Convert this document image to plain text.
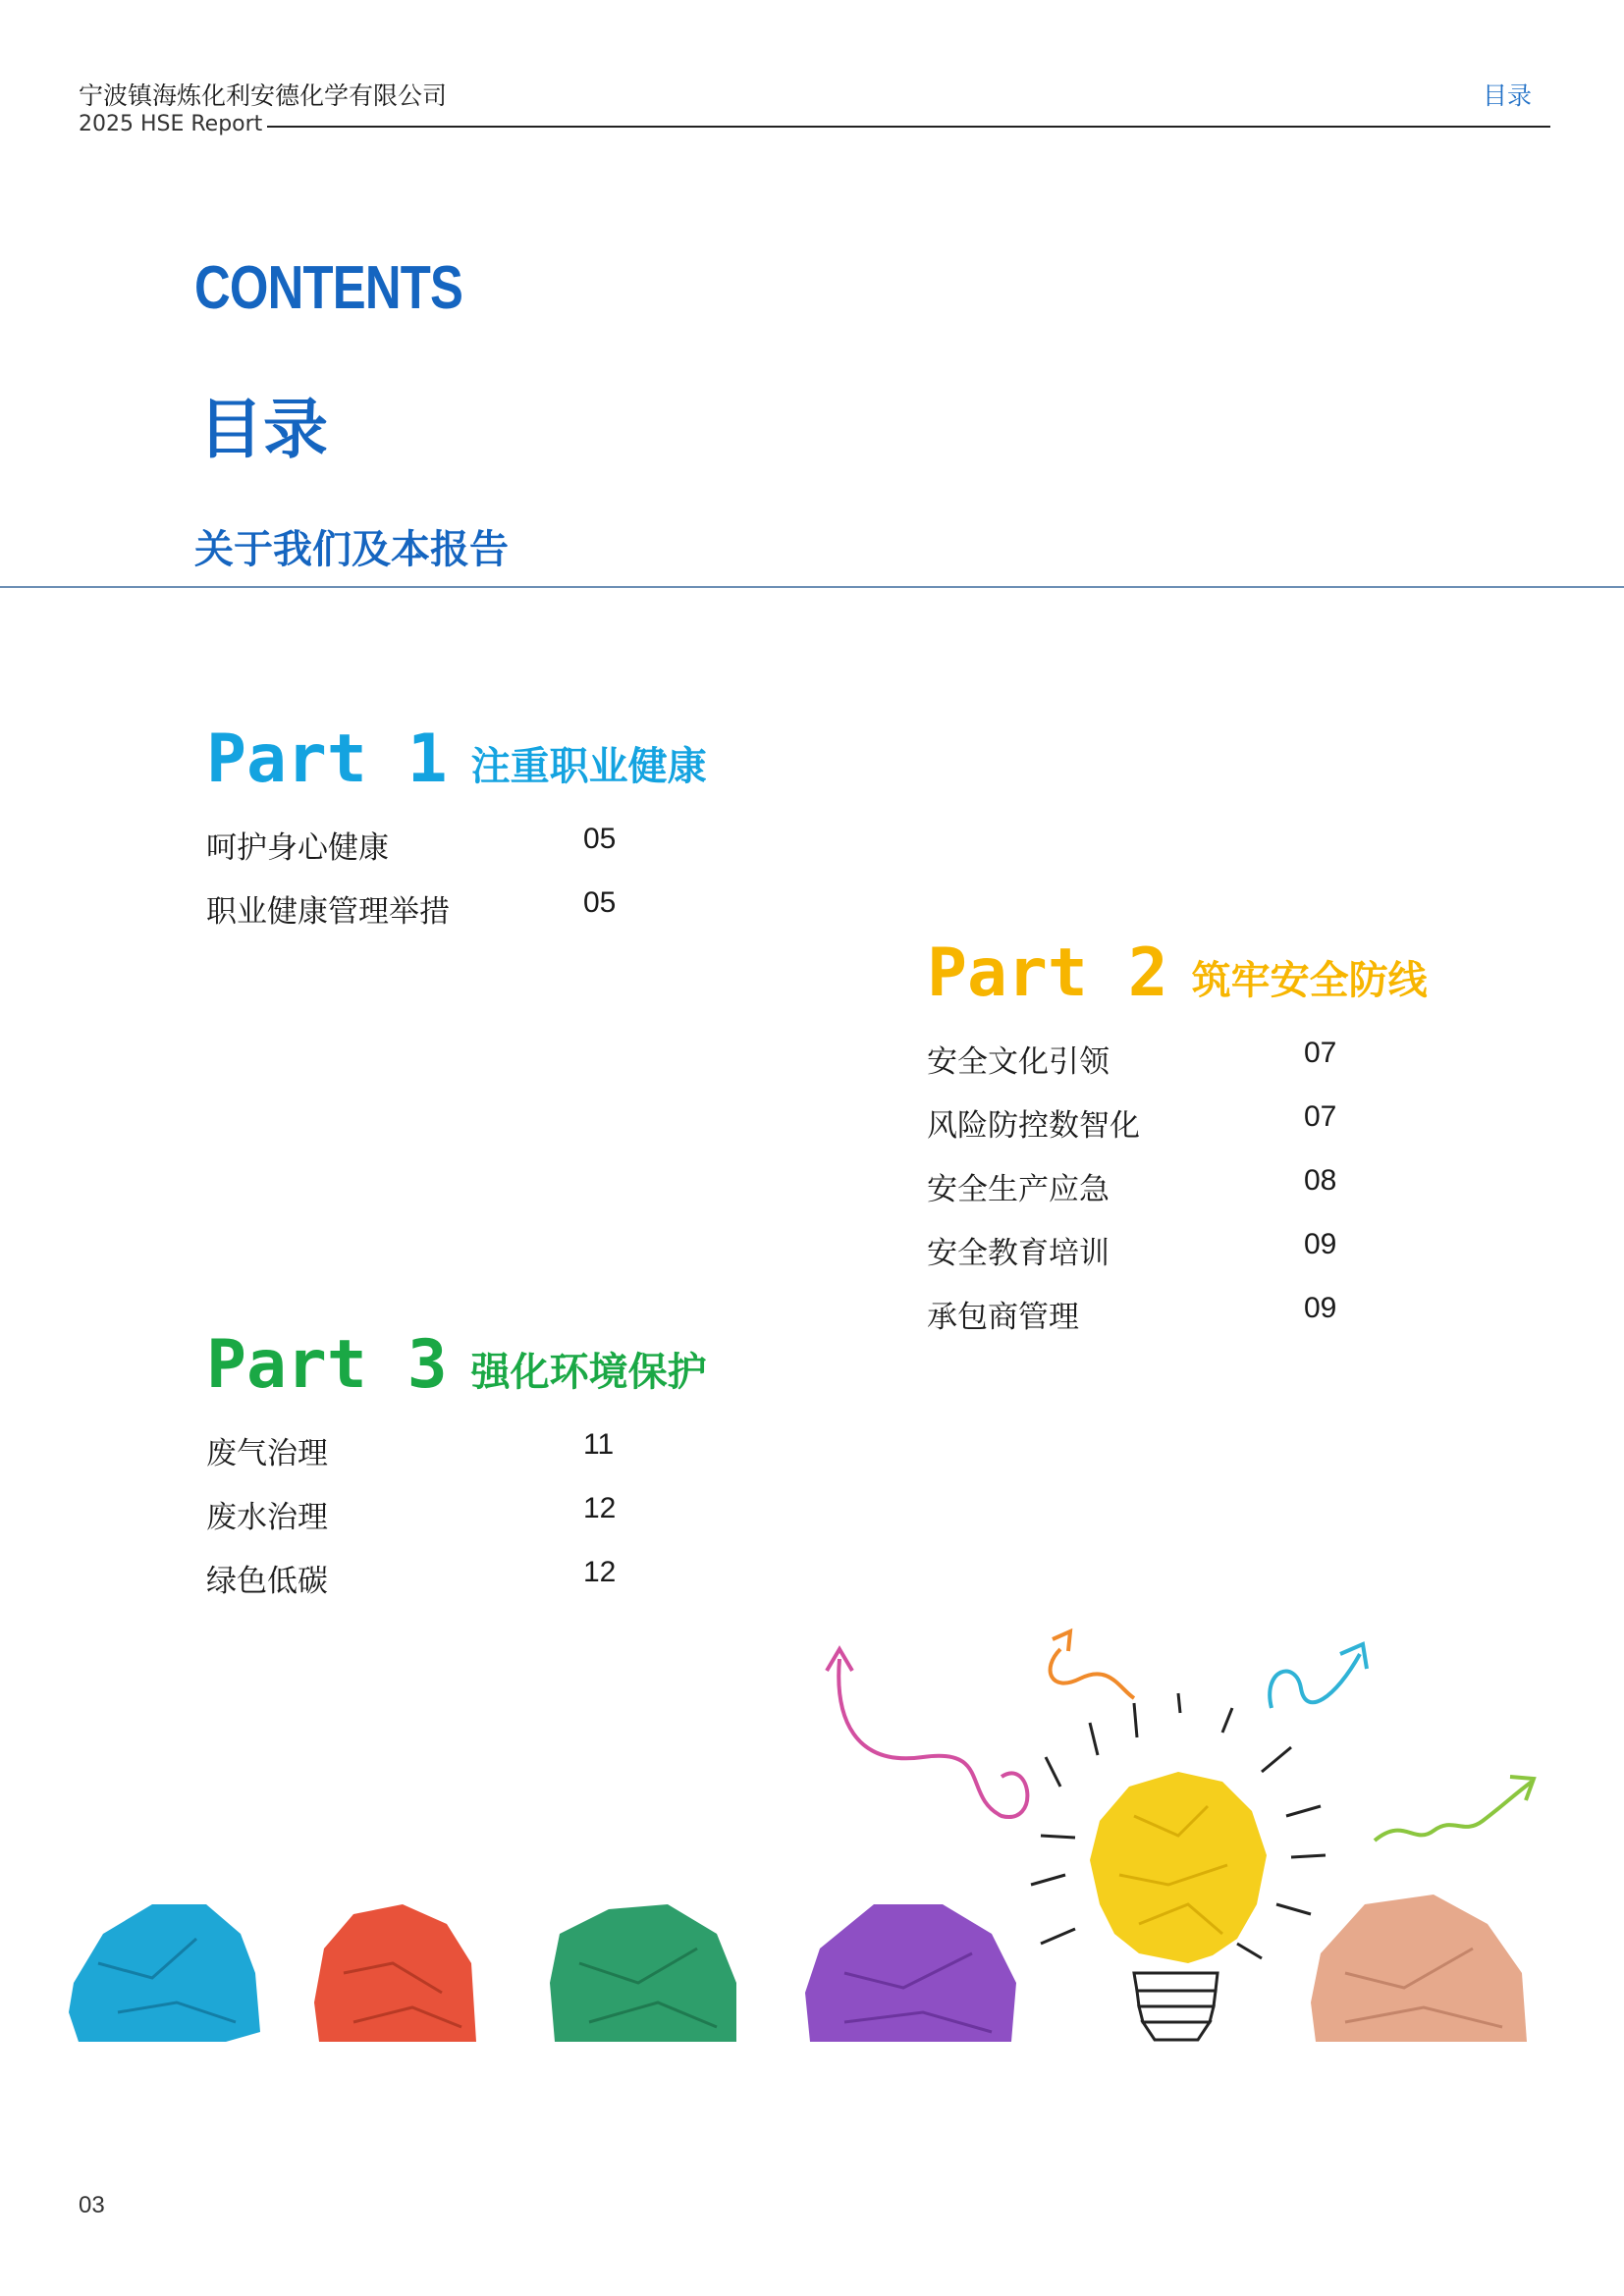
宁波镇海炼化利安德化学有限公司
2025 HSE Report
目录
CONTENTS
目录
关于我们及本报告
Part 1 注重职业健康
呵护身心健康	05
职业健康管理举措	05
Part 2 筑牢安全防线
安全文化引领	07
风险防控数智化	07
安全生产应急	08
安全教育培训	09
承包商管理	09
Part 3 强化环境保护
废气治理	11
废水治理	12
绿色低碳	12
03
